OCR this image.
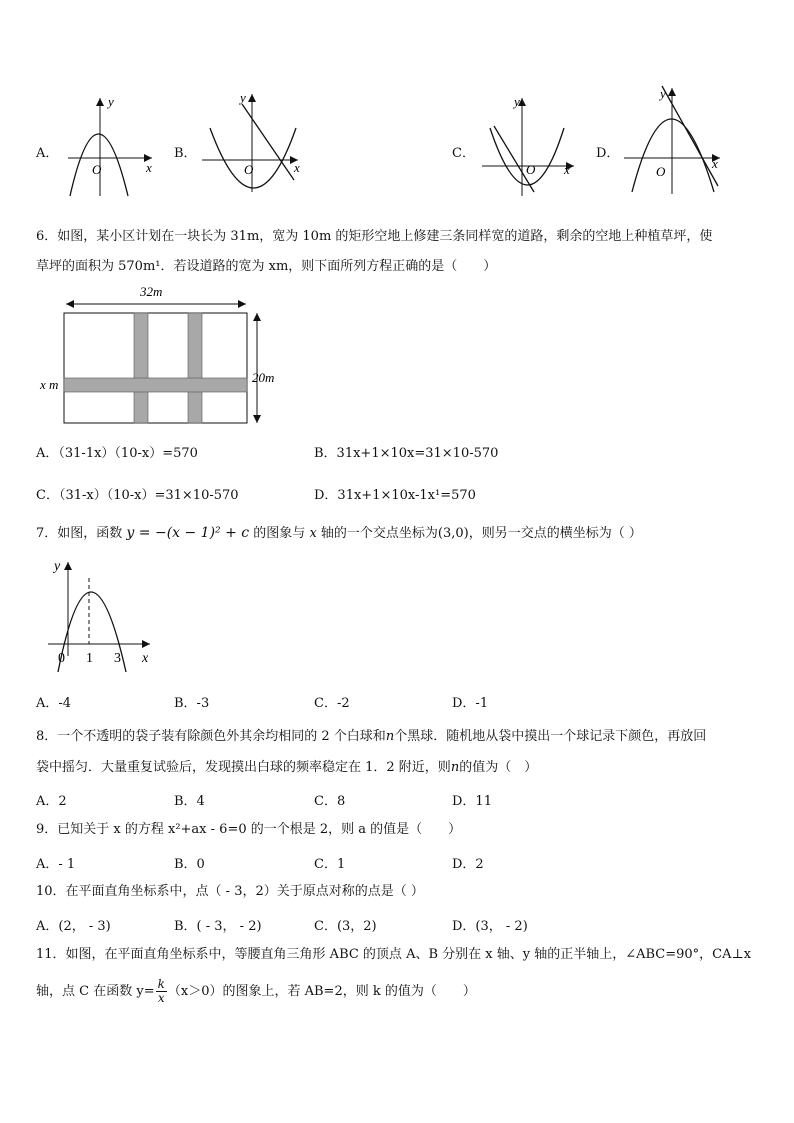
A．
y
x
O
B．
y
x
O
C．
y
x
O
D．
y
x
O
6．如图，某小区计划在一块长为 31m，宽为 10m 的矩形空地上修建三条同样宽的道路，剩余的空地上种植草坪，使
草坪的面积为 570m¹．若设道路的宽为 xm，则下面所列方程正确的是（　　）
32m
20m
x m
A．（31-1x）（10-x）=570	B．31x+1×10x=31×10-570
C．（31-x）（10-x）=31×10-570	D．31x+1×10x-1x¹=570
7．如图，函数 y = −(x − 1)² + c 的图象与 x 轴的一个交点坐标为(3,0)，则另一交点的横坐标为（ ）
y
x
0 1 3
A．-4	B．-3	C．-2	D．-1
8．一个不透明的袋子装有除颜色外其余均相同的 2 个白球和n个黑球．随机地从袋中摸出一个球记录下颜色，再放回
袋中摇匀．大量重复试验后，发现摸出白球的频率稳定在 1．2 附近，则n的值为（　）
A．2	B．4	C．8	D．11
9．已知关于 x 的方程 x²+ax - 6=0 的一个根是 2，则 a 的值是（　　）
A．- 1	B．0	C．1	D．2
10．在平面直角坐标系中，点（ - 3，2）关于原点对称的点是（ ）
A．(2， - 3)	B．( - 3， - 2)	C．(3，2)	D．(3， - 2)
11．如图，在平面直角坐标系中，等腰直角三角形 ABC 的顶点 A、B 分别在 x 轴、y 轴的正半轴上，∠ABC=90°，CA⊥x
轴，点 C 在函数 $y= \frac{k}{x} (x>0)$的图象上，若 AB=2，则 k 的值为（　　）
